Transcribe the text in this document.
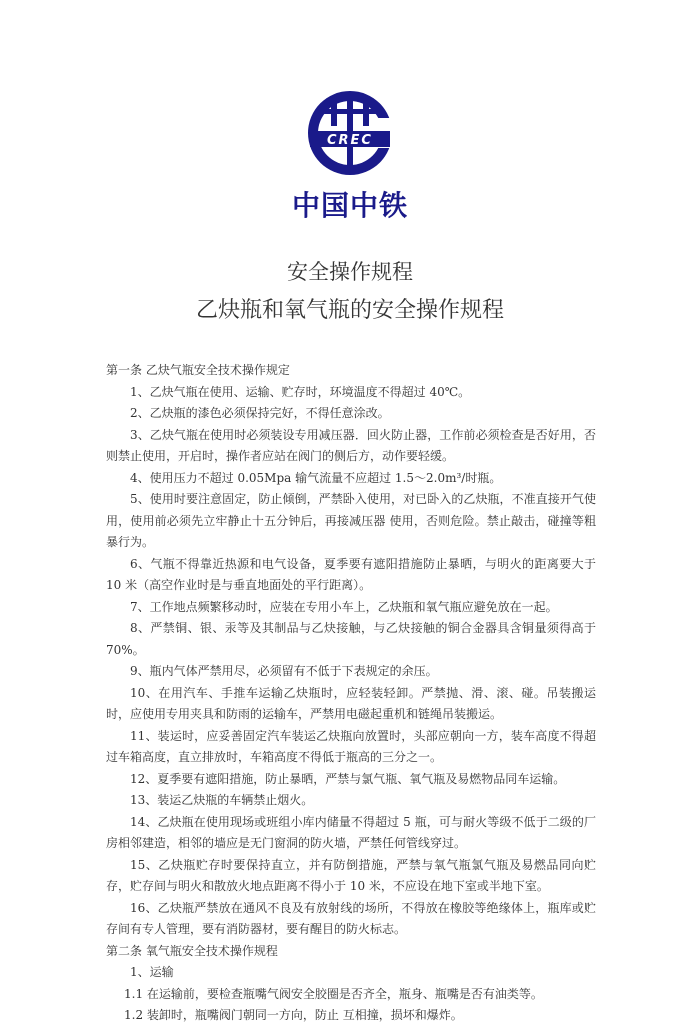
CREC
中国中铁
安全操作规程
乙炔瓶和氧气瓶的安全操作规程

第一条 乙炔气瓶安全技术操作规定

1、乙炔气瓶在使用、运输、贮存时，环境温度不得超过 40℃。

2、乙炔瓶的漆色必须保持完好，不得任意涂改。

3、乙炔气瓶在使用时必须装设专用减压器．回火防止器，工作前必须检查是否好用，否则禁止使用，开启时，操作者应站在阀门的侧后方，动作要轻缓。

4、使用压力不超过 0.05Mpa 输气流量不应超过 1.5～2.0m³/时瓶。

5、使用时要注意固定，防止倾倒，严禁卧入使用，对已卧入的乙炔瓶，不准直接开气使用，使用前必须先立牢静止十五分钟后，再接减压器 使用，否则危险。禁止敲击，碰撞等粗暴行为。

6、气瓶不得靠近热源和电气设备，夏季要有遮阳措施防止暴晒，与明火的距离要大于 10 米（高空作业时是与垂直地面处的平行距离）。

7、工作地点频繁移动时，应装在专用小车上，乙炔瓶和氧气瓶应避免放在一起。

8、严禁铜、银、汞等及其制品与乙炔接触，与乙炔接触的铜合金器具含铜量须得高于 70%。

9、瓶内气体严禁用尽，必须留有不低于下表规定的余压。

10、在用汽车、手推车运输乙炔瓶时，应轻装轻卸。严禁抛、滑、滚、碰。吊装搬运时，应使用专用夹具和防雨的运输车，严禁用电磁起重机和链绳吊装搬运。

11、装运时，应妥善固定汽车装运乙炔瓶向放置时，头部应朝向一方，装车高度不得超过车箱高度，直立排放时，车箱高度不得低于瓶高的三分之一。

12、夏季要有遮阳措施，防止暴晒，严禁与氯气瓶、氧气瓶及易燃物品同车运输。

13、装运乙炔瓶的车辆禁止烟火。

14、乙炔瓶在使用现场或班组小库内储量不得超过 5 瓶，可与耐火等级不低于二级的厂房相邻建造，相邻的墙应是无门窗洞的防火墙，严禁任何管线穿过。

15、乙炔瓶贮存时要保持直立，并有防倒措施，严禁与氧气瓶氯气瓶及易燃品同向贮存，贮存间与明火和散放火地点距离不得小于 10 米，不应设在地下室或半地下室。

16、乙炔瓶严禁放在通风不良及有放射线的场所，不得放在橡胶等绝缘体上，瓶库或贮存间有专人管理，要有消防器材，要有醒目的防火标志。

第二条 氧气瓶安全技术操作规程

1、运输

1.1 在运输前，要检查瓶嘴气阀安全胶圈是否齐全，瓶身、瓶嘴是否有油类等。

1.2 装卸时，瓶嘴阀门朝同一方向，防止 互相撞，损坏和爆炸。
